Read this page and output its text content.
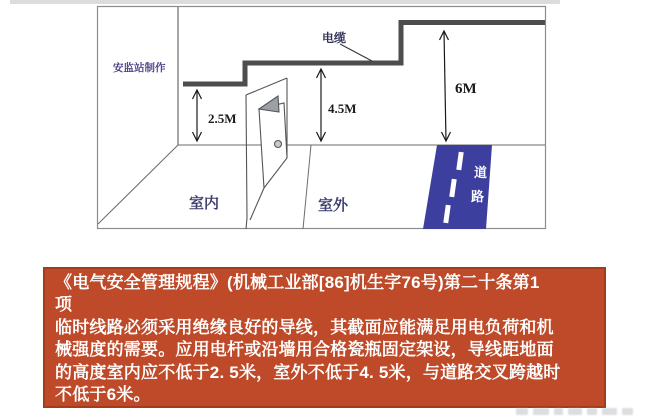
道
路
2.5M
4.5M
6M
电缆
安监站制作
室内	室外
《电气安全管理规程》(机械工业部[86]机生字76号)第二十条第1
项
临时线路必须采用绝缘良好的导线，其截面应能满足用电负荷和机
械强度的需要。应用电杆或沿墙用合格瓷瓶固定架设，导线距地面
的高度室内应不低于2. 5米，室外不低于4. 5米，与道路交叉跨越时
不低于6米。
